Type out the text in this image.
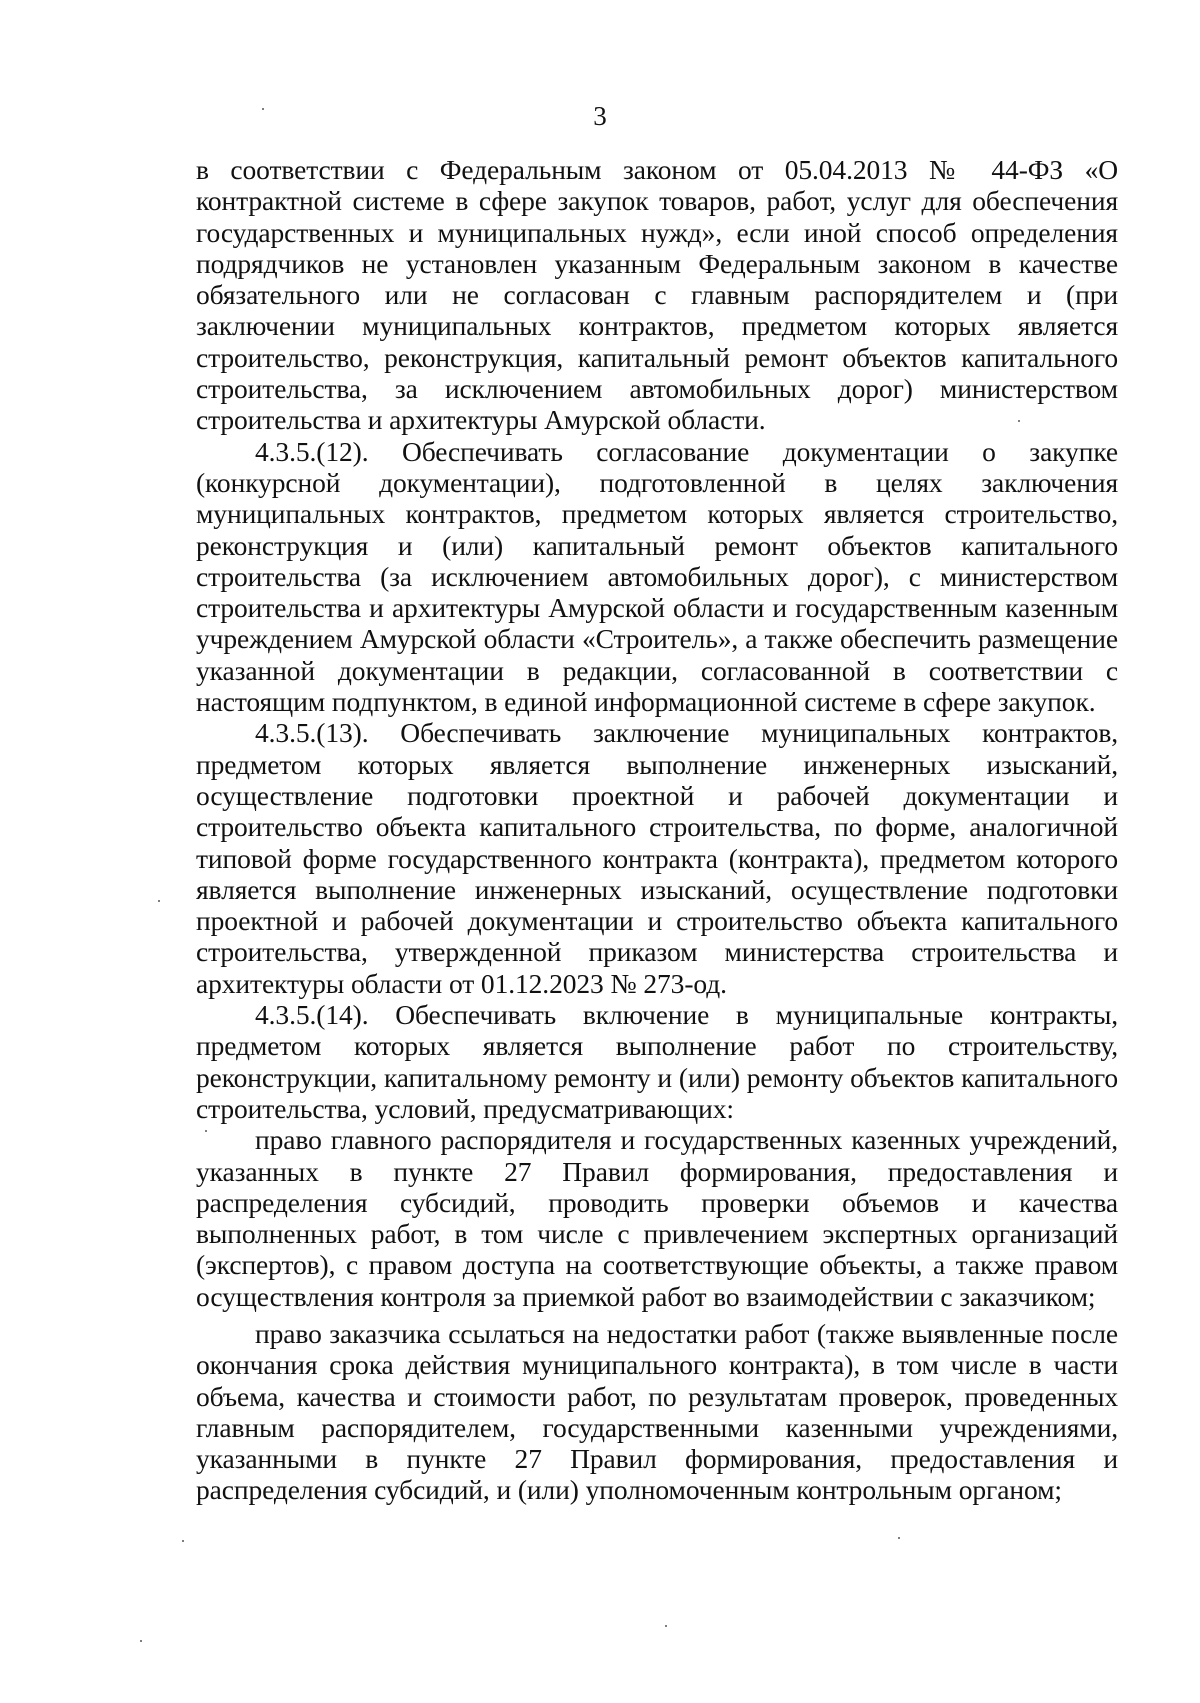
3

в соответствии с Федеральным законом от 05.04.2013 № 44-ФЗ «О контрактной системе в сфере закупок товаров, работ, услуг для обеспечения государственных и муниципальных нужд», если иной способ определения подрядчиков не установлен указанным Федеральным законом в качестве обязательного или не согласован с главным распорядителем и (при заключении муниципальных контрактов, предметом которых является строительство, реконструкция, капитальный ремонт объектов капитального строительства, за исключением автомобильных дорог) министерством строительства и архитектуры Амурской области.

4.3.5.(12). Обеспечивать согласование документации о закупке (конкурсной документации), подготовленной в целях заключения муниципальных контрактов, предметом которых является строительство, реконструкция и (или) капитальный ремонт объектов капитального строительства (за исключением автомобильных дорог), с министерством строительства и архитектуры Амурской области и государственным казенным учреждением Амурской области «Строитель», а также обеспечить размещение указанной документации в редакции, согласованной в соответствии с настоящим подпунктом, в единой информационной системе в сфере закупок.

4.3.5.(13). Обеспечивать заключение муниципальных контрактов, предметом которых является выполнение инженерных изысканий, осуществление подготовки проектной и рабочей документации и строительство объекта капитального строительства, по форме, аналогичной типовой форме государственного контракта (контракта), предметом которого является выполнение инженерных изысканий, осуществление подготовки проектной и рабочей документации и строительство объекта капитального строительства, утвержденной приказом министерства строительства и архитектуры области от 01.12.2023 № 273-од.

4.3.5.(14). Обеспечивать включение в муниципальные контракты, предметом которых является выполнение работ по строительству, реконструкции, капитальному ремонту и (или) ремонту объектов капитального строительства, условий, предусматривающих:

право главного распорядителя и государственных казенных учреждений, указанных в пункте 27 Правил формирования, предоставления и распределения субсидий, проводить проверки объемов и качества выполненных работ, в том числе с привлечением экспертных организаций (экспертов), с правом доступа на соответствующие объекты, а также правом осуществления контроля за приемкой работ во взаимодействии с заказчиком;

право заказчика ссылаться на недостатки работ (также выявленные после окончания срока действия муниципального контракта), в том числе в части объема, качества и стоимости работ, по результатам проверок, проведенных главным распорядителем, государственными казенными учреждениями, указанными в пункте 27 Правил формирования, предоставления и распределения субсидий, и (или) уполномоченным контрольным органом;
